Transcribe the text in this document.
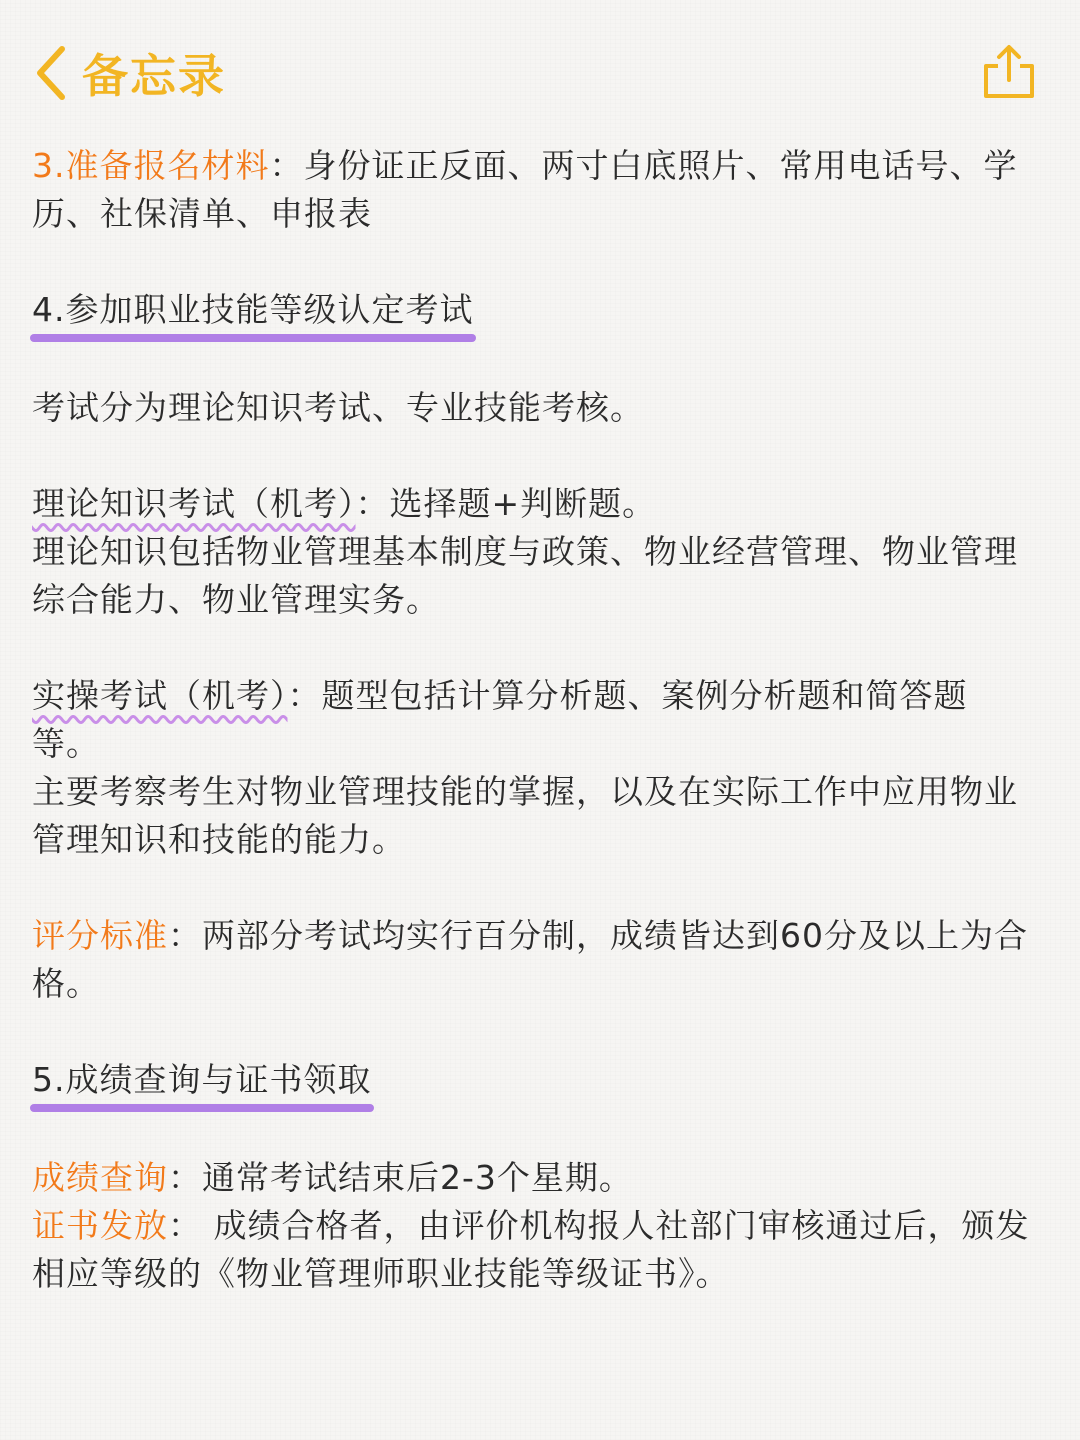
备忘录

3.准备报名材料：身份证正反面、两寸白底照片、常用电话号、学历、社保清单、申报表

4.参加职业技能等级认定考试

考试分为理论知识考试、专业技能考核。

理论知识考试（机考）：选择题+判断题。
理论知识包括物业管理基本制度与政策、物业经营管理、物业管理综合能力、物业管理实务。

实操考试（机考）：题型包括计算分析题、案例分析题和简答题等。
主要考察考生对物业管理技能的掌握，以及在实际工作中应用物业管理知识和技能的能力。

评分标准：两部分考试均实行百分制，成绩皆达到60分及以上为合格。

5.成绩查询与证书领取

成绩查询：通常考试结束后2-3个星期。
证书发放： 成绩合格者，由评价机构报人社部门审核通过后，颁发相应等级的《物业管理师职业技能等级证书》。
